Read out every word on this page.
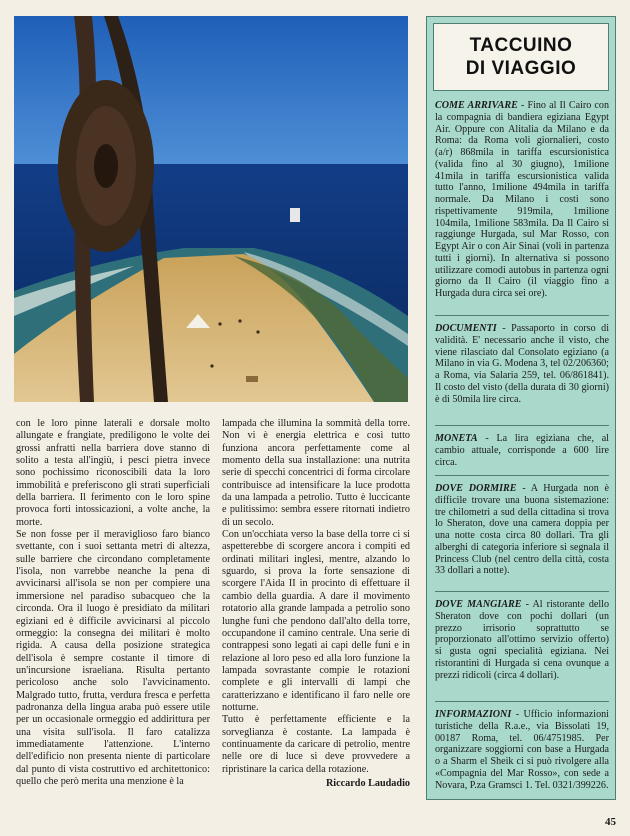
con le loro pinne laterali e dorsale molto allungate e frangiate, prediligono le volte dei grossi anfratti nella barriera dove stanno di solito a testa all'ingiù, i pesci pietra invece sono pochissimo riconoscibili data la loro immobilità e preferiscono gli strati superficiali della barriera. Il ferimento con le loro spine provoca forti intossicazioni, a volte anche, la morte.

Se non fosse per il meraviglioso faro bianco svettante, con i suoi settanta metri di altezza, sulle barriere che circondano completamente l'isola, non varrebbe neanche la pena di avvicinarsi all'isola se non per compiere una immersione nel paradiso subacqueo che la circonda. Ora il luogo è presidiato da militari egiziani ed è difficile avvicinarsi al piccolo ormeggio: la consegna dei militari è molto rigida. A causa della posizione strategica dell'isola è sempre costante il timore di un'incursione israeliana. Risulta pertanto pericoloso anche solo l'avvicinamento. Malgrado tutto, frutta, verdura fresca e perfetta padronanza della lingua araba può essere utile per un occasionale ormeggio ed addirittura per una visita sull'isola. Il faro catalizza immediatamente l'attenzione. L'interno dell'edificio non presenta niente di particolare dal punto di vista costruttivo ed architettonico: quello che però merita una menzione è la

lampada che illumina la sommità della torre. Non vi è energia elettrica e così tutto funziona ancora perfettamente come al momento della sua installazione: una nutrita serie di specchi concentrici di forma circolare contribuisce ad intensificare la luce prodotta da una lampada a petrolio. Tutto è luccicante e pulitissimo: sembra essere ritornati indietro di un secolo.

Con un'occhiata verso la base della torre ci si aspetterebbe di scorgere ancora i compiti ed ordinati militari inglesi, mentre, alzando lo sguardo, si prova la forte sensazione di scorgere l'Aida II in procinto di effettuare il cambio della guardia. A dare il movimento rotatorio alla grande lampada a petrolio sono lunghe funi che pendono dall'alto della torre, occupandone il camino centrale. Una serie di contrappesi sono legati ai capi delle funi e in relazione al loro peso ed alla loro funzione la lampada sovrastante compie le rotazioni complete e gli intervalli di lampi che caratterizzano e identificano il faro nelle ore notturne.

Tutto è perfettamente efficiente e la sorveglianza è costante. La lampada è continuamente da caricare di petrolio, mentre nelle ore di luce si deve provvedere a ripristinare la carica della rotazione.

Riccardo Laudadio
TACCUINO
DI VIAGGIO

COME ARRIVARE - Fino al Il Cairo con la compagnia di bandiera egiziana Egypt Air. Oppure con Alitalia da Milano e da Roma: da Roma voli giornalieri, costo (a/r) 868mila in tariffa escursionistica (valida fino al 30 giugno), 1milione 41mila in tariffa escursionistica valida tutto l'anno, 1milione 494mila in tariffa normale. Da Milano i costi sono rispettivamente 919mila, 1milione 104mila, 1milione 583mila. Da Il Cairo si raggiunge Hurgada, sul Mar Rosso, con Egypt Air o con Air Sinai (voli in partenza tutti i giorni). In alternativa si possono utilizzare comodi autobus in partenza ogni giorno da Il Cairo (il viaggio fino a Hurgada dura circa sei ore).

DOCUMENTI - Passaporto in corso di validità. E' necessario anche il visto, che viene rilasciato dal Consolato egiziano (a Milano in via G. Modena 3, tel 02/206360; a Roma, via Salaria 259, tel. 06/861841). Il costo del visto (della durata di 30 giorni) è di 50mila lire circa.

MONETA - La lira egiziana che, al cambio attuale, corrisponde a 600 lire circa.

DOVE DORMIRE - A Hurgada non è difficile trovare una buona sistemazione: tre chilometri a sud della cittadina si trova lo Sheraton, dove una camera doppia per una notte costa circa 80 dollari. Tra gli alberghi di categoria inferiore si segnala il Princess Club (nel centro della città, costa 33 dollari a notte).

DOVE MANGIARE - Al ristorante dello Sheraton dove con pochi dollari (un prezzo irrisorio soprattutto se proporzionato all'ottimo servizio offerto) si gusta ogni specialità egiziana. Nei ristorantini di Hurgada si cena ovunque a prezzi ridicoli (circa 4 dollari).

INFORMAZIONI - Ufficio informazioni turistiche della R.a.e., via Bissolati 19, 00187 Roma, tel. 06/4751985. Per organizzare soggiorni con base a Hurgada o a Sharm el Sheik ci si può rivolgere alla «Compagnia del Mar Rosso», con sede a Novara, P.za Gramsci 1. Tel. 0321/399226.

45
